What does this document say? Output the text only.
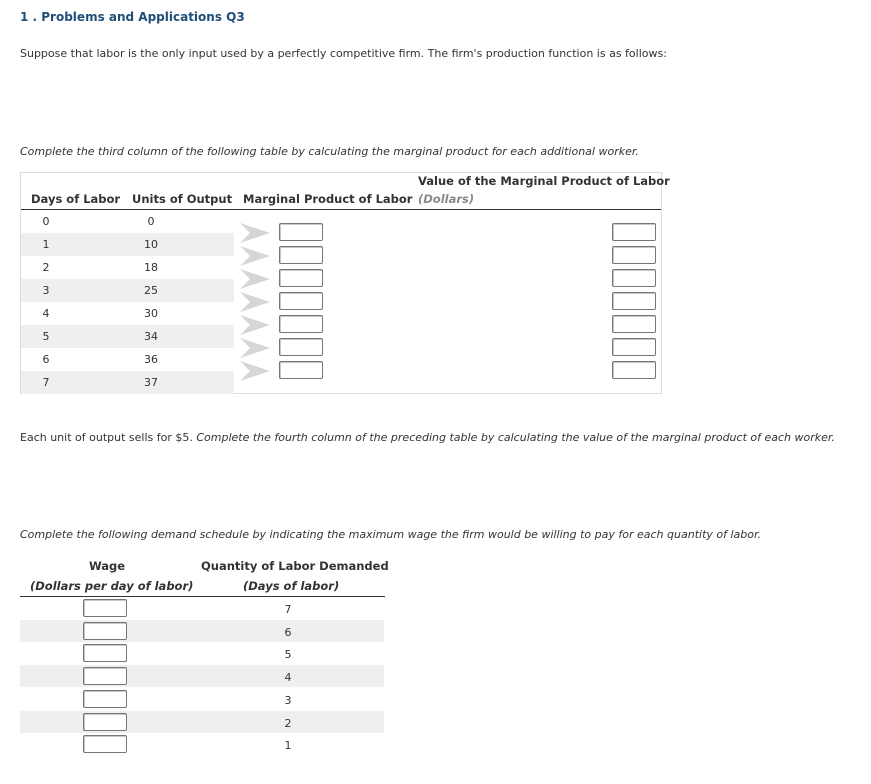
1 . Problems and Applications Q3
Suppose that labor is the only input used by a perfectly competitive firm. The firm's production function is as follows:
Complete the third column of the following table by calculating the marginal product for each additional worker.
Value of the Marginal Product of Labor
Days of Labor Units of Output Marginal Product of Labor (Dollars)
0	0
1	10
2	18
3	25
4	30
5	34
6	36
7	37
Each unit of output sells for $5. Complete the fourth column of the preceding table by calculating the value of the marginal product of each worker.
Complete the following demand schedule by indicating the maximum wage the firm would be willing to pay for each quantity of labor.
Wage
(Dollars per day of labor)
Quantity of Labor Demanded
(Days of labor)
7
6
5
4
3
2
1
